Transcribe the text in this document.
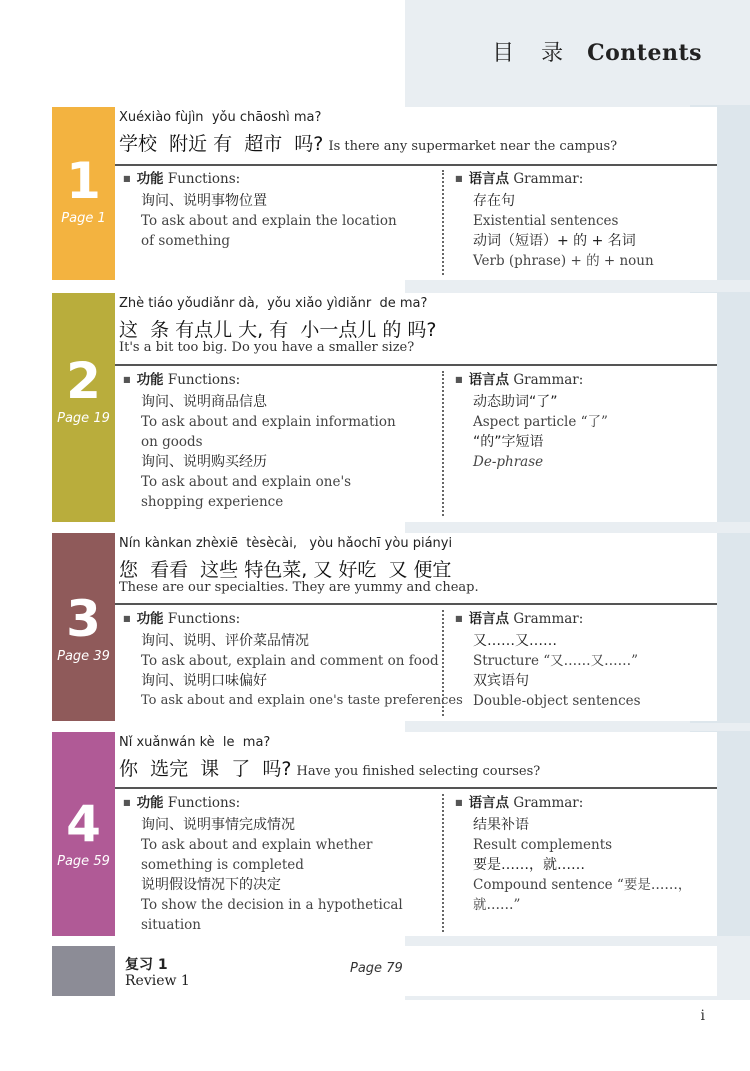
目 录 Contents
1
Page 1
Xuéxiào fùjìn  yǒu chāoshì ma?
学校  附近 有  超市  吗? Is there any supermarket near the campus?
■ 功能 Functions:
询问、说明事物位置
To ask about and explain the location of something
■ 语言点 Grammar:
存在句
Existential sentences
动词（短语）+ 的 + 名词
Verb (phrase) + 的 + noun
2
Page 19
Zhè tiáo yǒudiǎnr dà,  yǒu xiǎo yìdiǎnr  de ma?
这  条 有点儿 大, 有  小一点儿 的 吗?
It's a bit too big. Do you have a smaller size?
■ 功能 Functions:
询问、说明商品信息
To ask about and explain information on goods
询问、说明购买经历
To ask about and explain one's shopping experience
■ 语言点 Grammar:
动态助词“了”
Aspect particle “了”
“的”字短语
De-phrase
3
Page 39
Nín kànkan zhèxiē  tèsècài,   yòu hǎochī yòu piányi
您  看看  这些 特色菜, 又 好吃  又 便宜
These are our specialties. They are yummy and cheap.
■ 功能 Functions:
询问、说明、评价菜品情况
To ask about, explain and comment on food
询问、说明口味偏好
To ask about and explain one's taste preferences
■ 语言点 Grammar:
又……又……
Structure “又……又……”
双宾语句
Double-object sentences
4
Page 59
Nǐ xuǎnwán kè  le  ma?
你  选完  课  了  吗? Have you finished selecting courses?
■ 功能 Functions:
询问、说明事情完成情况
To ask about and explain whether something is completed
说明假设情况下的决定
To show the decision in a hypothetical situation
■ 语言点 Grammar:
结果补语
Result complements
要是……，就……
Compound sentence “要是……，就……”
复习 1
Review 1
Page 79
i
